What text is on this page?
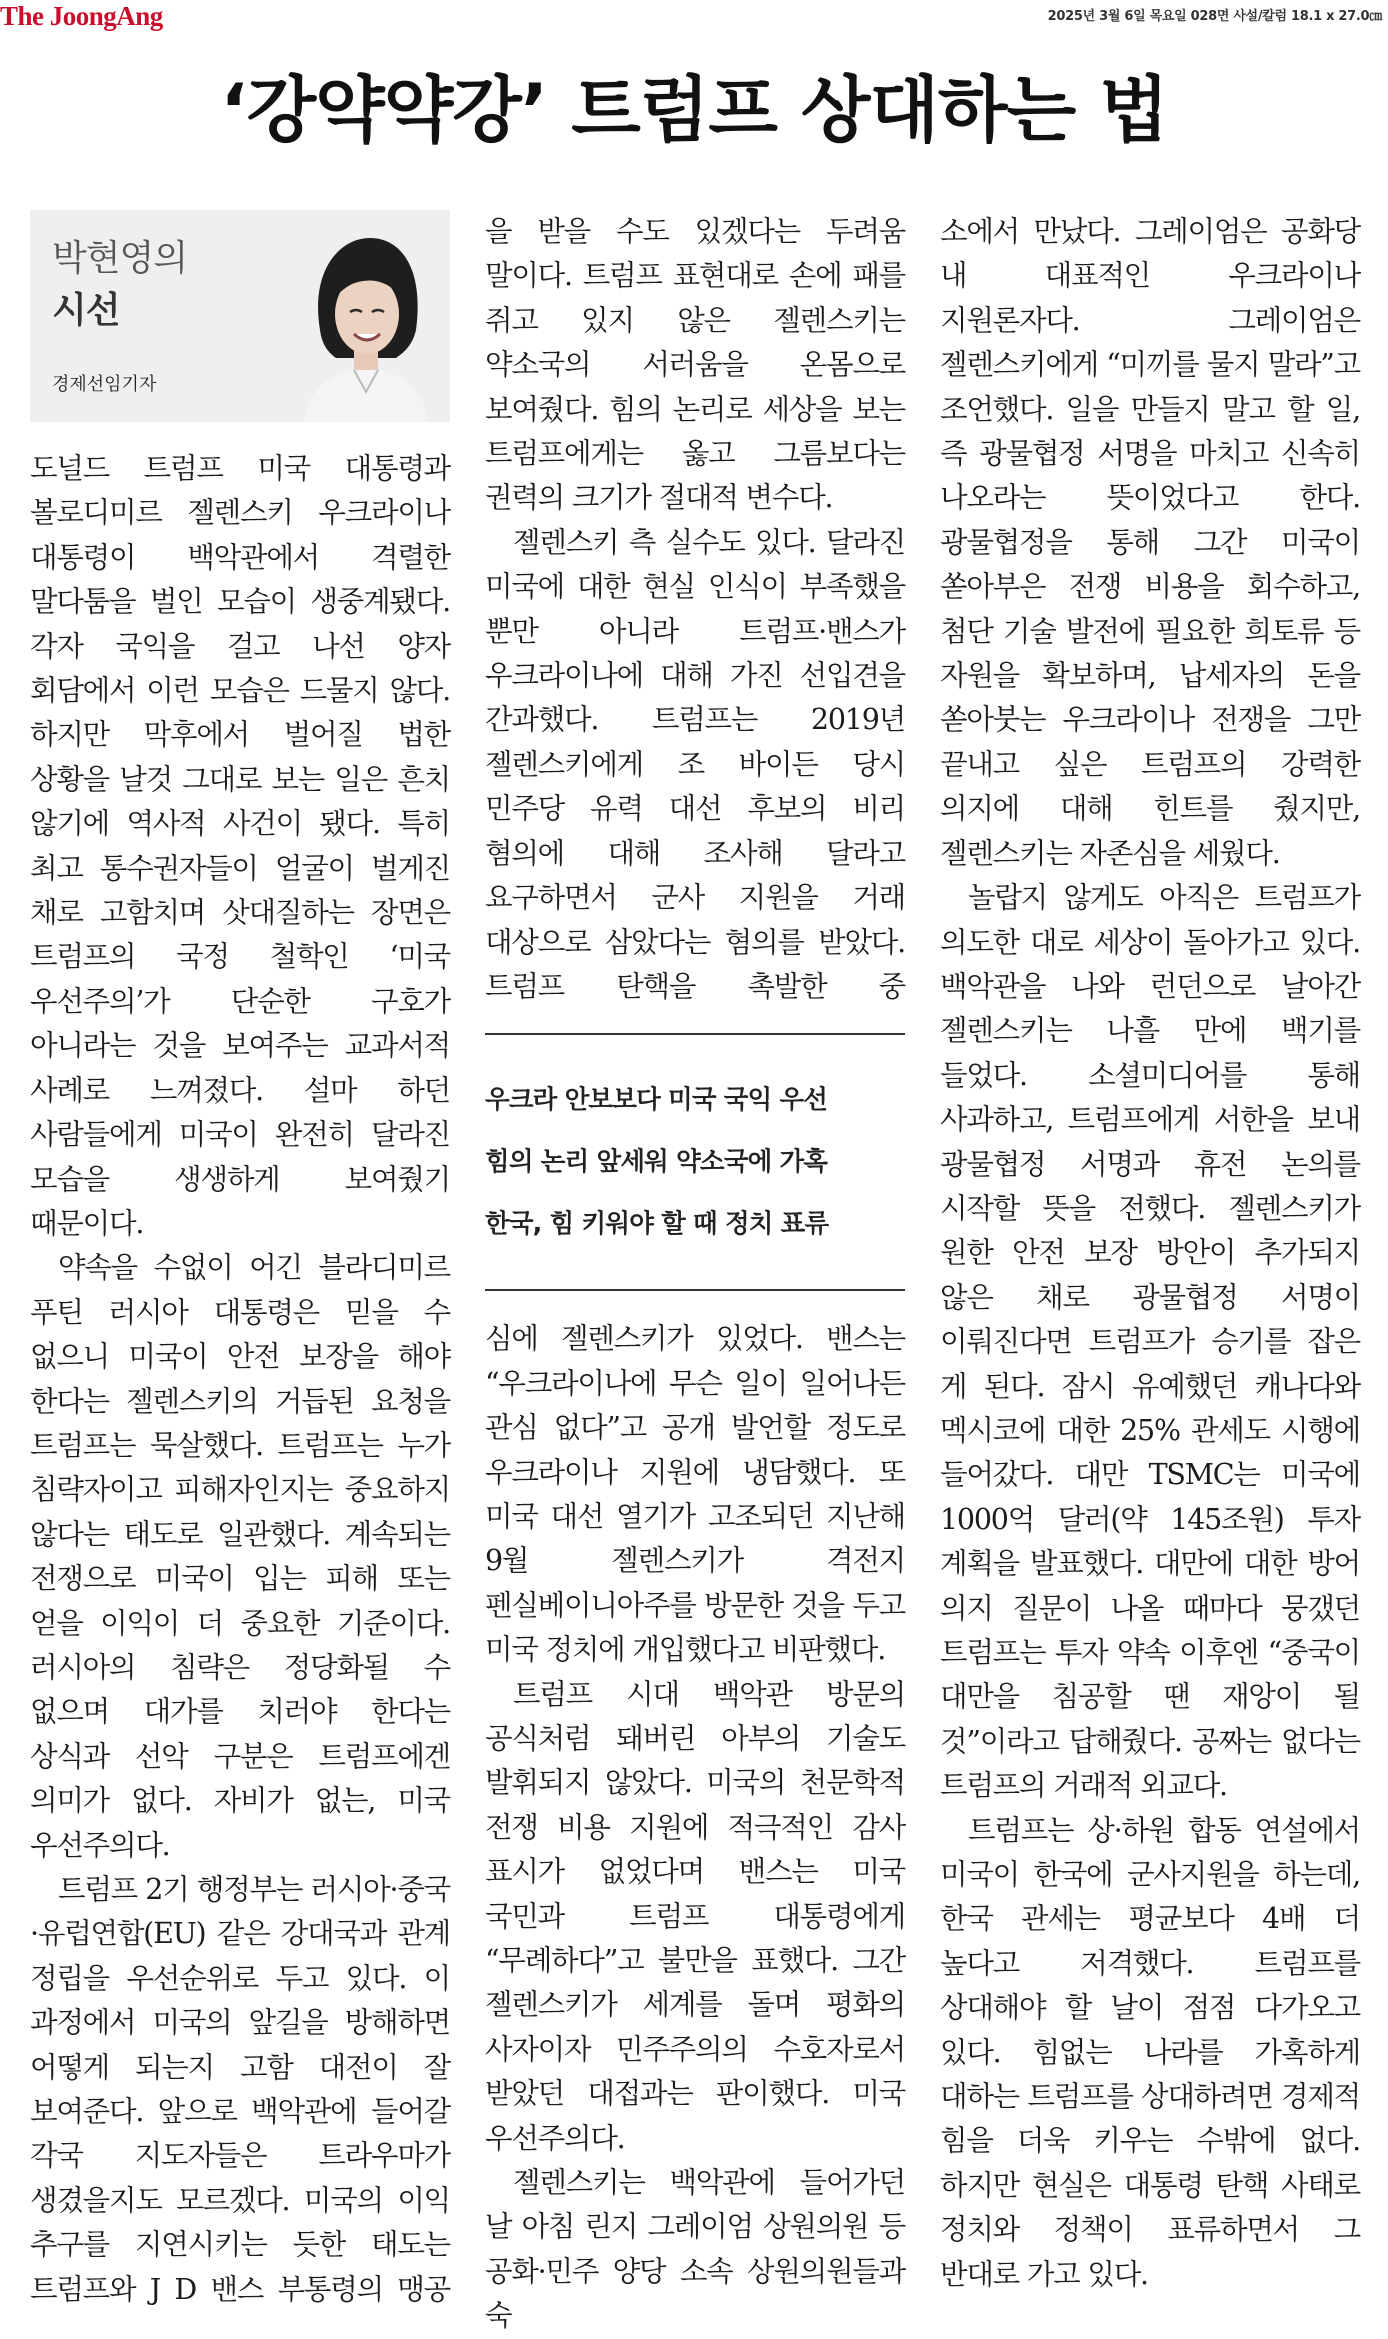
The JoongAng	2025년 3월 6일 목요일 028면 사설/칼럼 18.1 x 27.0㎝
‘강약약강’ 트럼프 상대하는 법
박현영의
시선
경제선임기자

도널드 트럼프 미국 대통령과 볼로디미르 젤렌스키 우크라이나 대통령이 백악관에서 격렬한 말다툼을 벌인 모습이 생중계됐다. 각자 국익을 걸고 나선 양자 회담에서 이런 모습은 드물지 않다. 하지만 막후에서 벌어질 법한 상황을 날것 그대로 보는 일은 흔치 않기에 역사적 사건이 됐다. 특히 최고 통수권자들이 얼굴이 벌게진 채로 고함치며 삿대질하는 장면은 트럼프의 국정 철학인 ‘미국 우선주의’가 단순한 구호가 아니라는 것을 보여주는 교과서적 사례로 느껴졌다. 설마 하던 사람들에게 미국이 완전히 달라진 모습을 생생하게 보여줬기 때문이다.

약속을 수없이 어긴 블라디미르 푸틴 러시아 대통령은 믿을 수 없으니 미국이 안전 보장을 해야 한다는 젤렌스키의 거듭된 요청을 트럼프는 묵살했다. 트럼프는 누가 침략자이고 피해자인지는 중요하지 않다는 태도로 일관했다. 계속되는 전쟁으로 미국이 입는 피해 또는 얻을 이익이 더 중요한 기준이다. 러시아의 침략은 정당화될 수 없으며 대가를 치러야 한다는 상식과 선악 구분은 트럼프에겐 의미가 없다. 자비가 없는, 미국 우선주의다.

트럼프 2기 행정부는 러시아·중국·유럽연합(EU) 같은 강대국과 관계 정립을 우선순위로 두고 있다. 이 과정에서 미국의 앞길을 방해하면 어떻게 되는지 고함 대전이 잘 보여준다. 앞으로 백악관에 들어갈 각국 지도자들은 트라우마가 생겼을지도 모르겠다. 미국의 이익 추구를 지연시키는 듯한 태도는 트럼프와 J D 밴스 부통령의 맹공

을 받을 수도 있겠다는 두려움 말이다. 트럼프 표현대로 손에 패를 쥐고 있지 않은 젤렌스키는 약소국의 서러움을 온몸으로 보여줬다. 힘의 논리로 세상을 보는 트럼프에게는 옳고 그름보다는 권력의 크기가 절대적 변수다.

젤렌스키 측 실수도 있다. 달라진 미국에 대한 현실 인식이 부족했을 뿐만 아니라 트럼프·밴스가 우크라이나에 대해 가진 선입견을 간과했다. 트럼프는 2019년 젤렌스키에게 조 바이든 당시 민주당 유력 대선 후보의 비리 혐의에 대해 조사해 달라고 요구하면서 군사 지원을 거래 대상으로 삼았다는 혐의를 받았다. 트럼프 탄핵을 촉발한 중

우크라 안보보다 미국 국익 우선
힘의 논리 앞세워 약소국에 가혹
한국, 힘 키워야 할 때 정치 표류

심에 젤렌스키가 있었다. 밴스는 “우크라이나에 무슨 일이 일어나든 관심 없다”고 공개 발언할 정도로 우크라이나 지원에 냉담했다. 또 미국 대선 열기가 고조되던 지난해 9월 젤렌스키가 격전지 펜실베이니아주를 방문한 것을 두고 미국 정치에 개입했다고 비판했다.

트럼프 시대 백악관 방문의 공식처럼 돼버린 아부의 기술도 발휘되지 않았다. 미국의 천문학적 전쟁 비용 지원에 적극적인 감사 표시가 없었다며 밴스는 미국 국민과 트럼프 대통령에게 “무례하다”고 불만을 표했다. 그간 젤렌스키가 세계를 돌며 평화의 사자이자 민주주의의 수호자로서 받았던 대접과는 판이했다. 미국 우선주의다.

젤렌스키는 백악관에 들어가던 날 아침 린지 그레이엄 상원의원 등 공화·민주 양당 소속 상원의원들과 숙

소에서 만났다. 그레이엄은 공화당 내 대표적인 우크라이나 지원론자다. 그레이엄은 젤렌스키에게 “미끼를 물지 말라”고 조언했다. 일을 만들지 말고 할 일, 즉 광물협정 서명을 마치고 신속히 나오라는 뜻이었다고 한다. 광물협정을 통해 그간 미국이 쏟아부은 전쟁 비용을 회수하고, 첨단 기술 발전에 필요한 희토류 등 자원을 확보하며, 납세자의 돈을 쏟아붓는 우크라이나 전쟁을 그만 끝내고 싶은 트럼프의 강력한 의지에 대해 힌트를 줬지만, 젤렌스키는 자존심을 세웠다.

놀랍지 않게도 아직은 트럼프가 의도한 대로 세상이 돌아가고 있다. 백악관을 나와 런던으로 날아간 젤렌스키는 나흘 만에 백기를 들었다. 소셜미디어를 통해 사과하고, 트럼프에게 서한을 보내 광물협정 서명과 휴전 논의를 시작할 뜻을 전했다. 젤렌스키가 원한 안전 보장 방안이 추가되지 않은 채로 광물협정 서명이 이뤄진다면 트럼프가 승기를 잡은 게 된다. 잠시 유예했던 캐나다와 멕시코에 대한 25% 관세도 시행에 들어갔다. 대만 TSMC는 미국에 1000억 달러(약 145조원) 투자 계획을 발표했다. 대만에 대한 방어 의지 질문이 나올 때마다 뭉갰던 트럼프는 투자 약속 이후엔 “중국이 대만을 침공할 땐 재앙이 될 것”이라고 답해줬다. 공짜는 없다는 트럼프의 거래적 외교다.

트럼프는 상·하원 합동 연설에서 미국이 한국에 군사지원을 하는데, 한국 관세는 평균보다 4배 더 높다고 저격했다. 트럼프를 상대해야 할 날이 점점 다가오고 있다. 힘없는 나라를 가혹하게 대하는 트럼프를 상대하려면 경제적 힘을 더욱 키우는 수밖에 없다. 하지만 현실은 대통령 탄핵 사태로 정치와 정책이 표류하면서 그 반대로 가고 있다.
